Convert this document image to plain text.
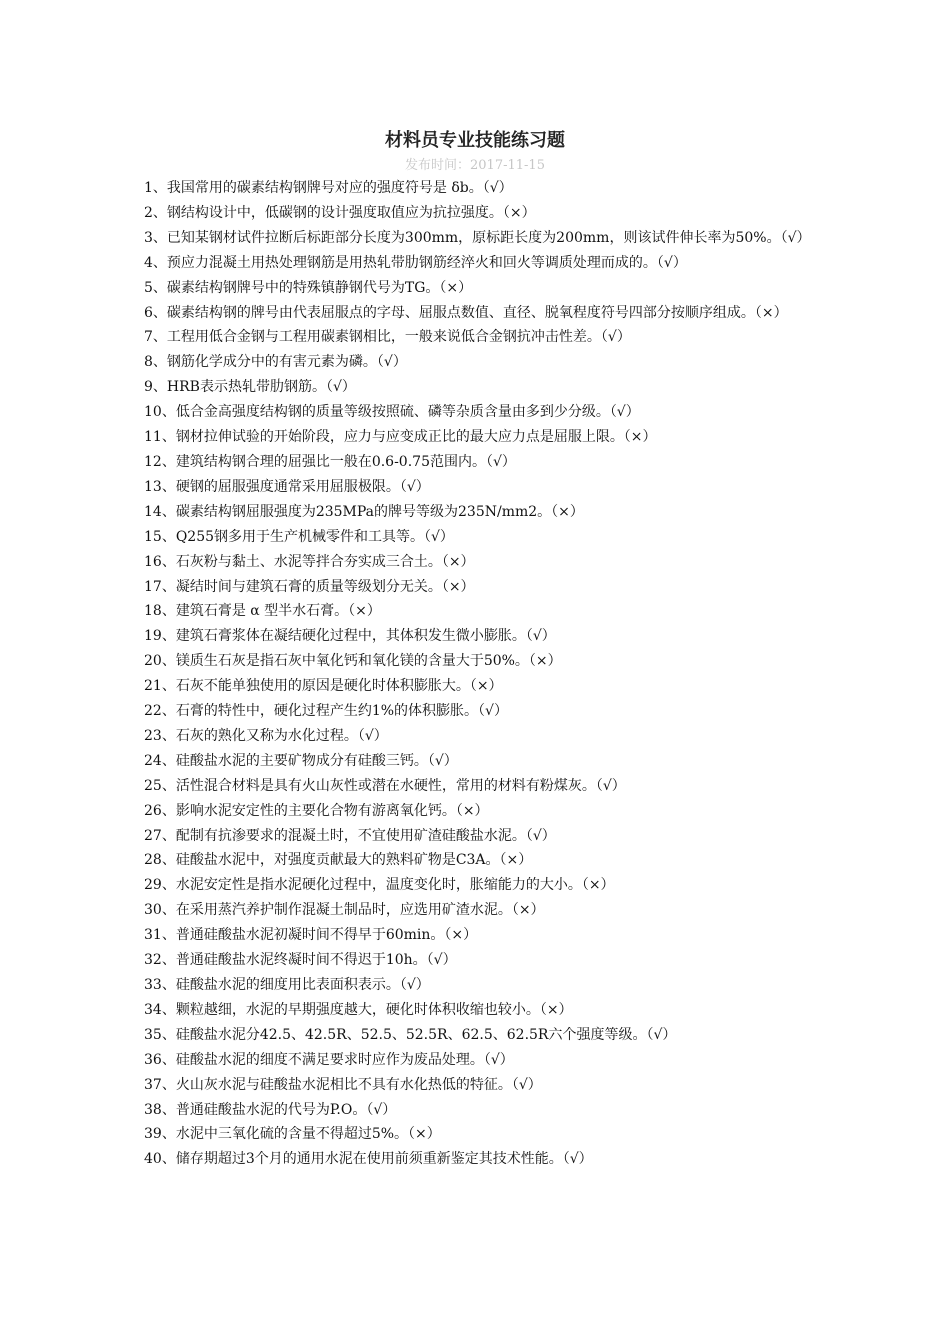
材料员专业技能练习题
发布时间：2017-11-15

1、我国常用的碳素结构钢牌号对应的强度符号是 δb。（√）

2、钢结构设计中，低碳钢的设计强度取值应为抗拉强度。（×）

3、已知某钢材试件拉断后标距部分长度为300mm，原标距长度为200mm，则该试件伸长率为50%。（√）

4、预应力混凝土用热处理钢筋是用热轧带肋钢筋经淬火和回火等调质处理而成的。（√）

5、碳素结构钢牌号中的特殊镇静钢代号为TG。（×）

6、碳素结构钢的牌号由代表屈服点的字母、屈服点数值、直径、脱氧程度符号四部分按顺序组成。（×）

7、工程用低合金钢与工程用碳素钢相比，一般来说低合金钢抗冲击性差。（√）

8、钢筋化学成分中的有害元素为磷。（√）

9、HRB表示热轧带肋钢筋。（√）

10、低合金高强度结构钢的质量等级按照硫、磷等杂质含量由多到少分级。（√）

11、钢材拉伸试验的开始阶段，应力与应变成正比的最大应力点是屈服上限。（×）

12、建筑结构钢合理的屈强比一般在0.6-0.75范围内。（√）

13、硬钢的屈服强度通常采用屈服极限。（√）

14、碳素结构钢屈服强度为235MPa的牌号等级为235N/mm2。（×）

15、Q255钢多用于生产机械零件和工具等。（√）

16、石灰粉与黏土、水泥等拌合夯实成三合土。（×）

17、凝结时间与建筑石膏的质量等级划分无关。（×）

18、建筑石膏是 α 型半水石膏。（×）

19、建筑石膏浆体在凝结硬化过程中，其体积发生微小膨胀。（√）

20、镁质生石灰是指石灰中氧化钙和氧化镁的含量大于50%。（×）

21、石灰不能单独使用的原因是硬化时体积膨胀大。（×）

22、石膏的特性中，硬化过程产生约1%的体积膨胀。（√）

23、石灰的熟化又称为水化过程。（√）

24、硅酸盐水泥的主要矿物成分有硅酸三钙。（√）

25、活性混合材料是具有火山灰性或潜在水硬性，常用的材料有粉煤灰。（√）

26、影响水泥安定性的主要化合物有游离氧化钙。（×）

27、配制有抗渗要求的混凝土时，不宜使用矿渣硅酸盐水泥。（√）

28、硅酸盐水泥中，对强度贡献最大的熟料矿物是C3A。（×）

29、水泥安定性是指水泥硬化过程中，温度变化时，胀缩能力的大小。（×）

30、在采用蒸汽养护制作混凝土制品时，应选用矿渣水泥。（×）

31、普通硅酸盐水泥初凝时间不得早于60min。（×）

32、普通硅酸盐水泥终凝时间不得迟于10h。（√）

33、硅酸盐水泥的细度用比表面积表示。（√）

34、颗粒越细，水泥的早期强度越大，硬化时体积收缩也较小。（×）

35、硅酸盐水泥分42.5、42.5R、52.5、52.5R、62.5、62.5R六个强度等级。（√）

36、硅酸盐水泥的细度不满足要求时应作为废品处理。（√）

37、火山灰水泥与硅酸盐水泥相比不具有水化热低的特征。（√）

38、普通硅酸盐水泥的代号为P.O。（√）

39、水泥中三氧化硫的含量不得超过5%。（×）

40、储存期超过3个月的通用水泥在使用前须重新鉴定其技术性能。（√）
